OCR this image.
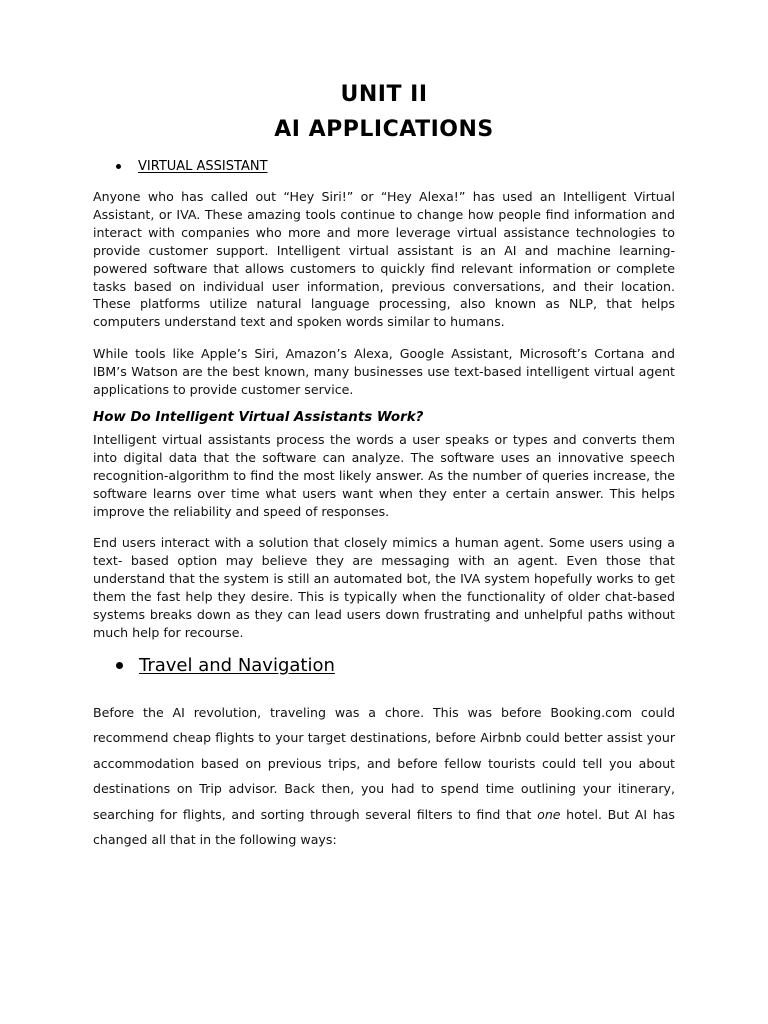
UNIT II
AI APPLICATIONS
VIRTUAL ASSISTANT

Anyone who has called out “Hey Siri!” or “Hey Alexa!” has used an Intelligent Virtual Assistant, or IVA. These amazing tools continue to change how people find information and interact with companies who more and more leverage virtual assistance technologies to provide customer support. Intelligent virtual assistant is an AI and machine learning-powered software that allows customers to quickly find relevant information or complete tasks based on individual user information, previous conversations, and their location. These platforms utilize natural language processing, also known as NLP, that helps computers understand text and spoken words similar to humans.

While tools like Apple’s Siri, Amazon’s Alexa, Google Assistant, Microsoft’s Cortana and IBM’s Watson are the best known, many businesses use text-based intelligent virtual agent applications to provide customer service.

How Do Intelligent Virtual Assistants Work?

Intelligent virtual assistants process the words a user speaks or types and converts them into digital data that the software can analyze. The software uses an innovative speech recognition-algorithm to find the most likely answer. As the number of queries increase, the software learns over time what users want when they enter a certain answer. This helps improve the reliability and speed of responses.

End users interact with a solution that closely mimics a human agent. Some users using a text- based option may believe they are messaging with an agent. Even those that understand that the system is still an automated bot, the IVA system hopefully works to get them the fast help they desire. This is typically when the functionality of older chat-based systems breaks down as they can lead users down frustrating and unhelpful paths without much help for recourse.

Travel and Navigation

Before the AI revolution, traveling was a chore. This was before Booking.com could recommend cheap flights to your target destinations, before Airbnb could better assist your accommodation based on previous trips, and before fellow tourists could tell you about destinations on Trip advisor. Back then, you had to spend time outlining your itinerary, searching for flights, and sorting through several filters to find that one hotel. But AI has changed all that in the following ways:
